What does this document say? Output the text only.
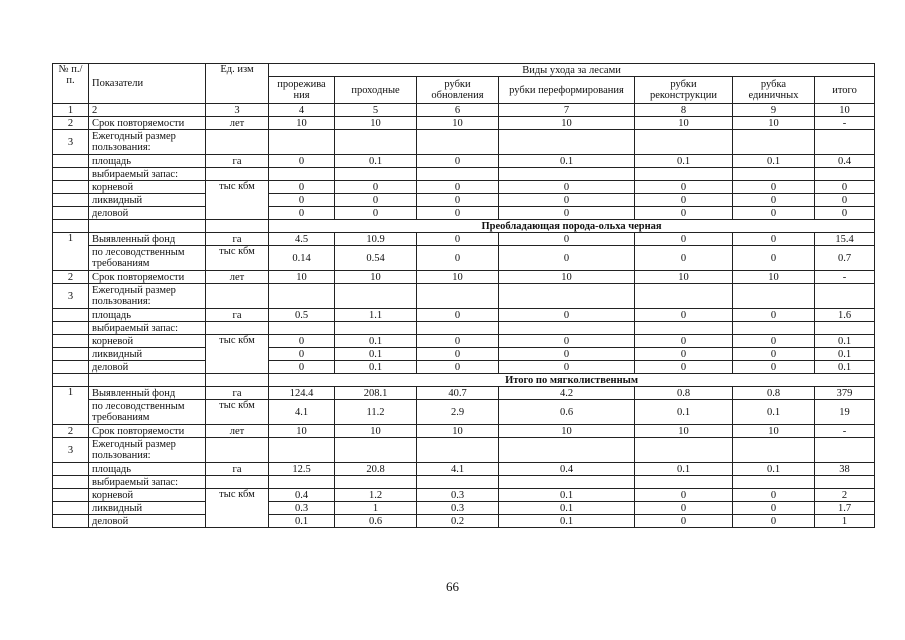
№ п./п.	Показатели	Ед. изм	Виды ухода за лесами						
			прорежива ния	проходные	рубки обновления	рубки переформирования	рубки реконструкции	рубка единичных	итого
1	2	3	4	5	6	7	8	9	10
2	Срок повторяемости	лет	10	10	10	10	10	10	-
3	Ежегодный размер пользования:								
	площадь	га	0	0.1	0	0.1	0.1	0.1	0.4
	выбираемый запас:								
	корневой	тыс кбм	0	0	0	0	0	0	0
	ликвидный		0	0	0	0	0	0	0
	деловой		0	0	0	0	0	0	0
			Преобладающая порода-ольха черная						
1	Выявленный фонд	га	4.5	10.9	0	0	0	0	15.4
	по лесоводственным требованиям	тыс кбм	0.14	0.54	0	0	0	0	0.7
2	Срок повторяемости	лет	10	10	10	10	10	10	-
3	Ежегодный размер пользования:								
	площадь	га	0.5	1.1	0	0	0	0	1.6
	выбираемый запас:								
	корневой	тыс кбм	0	0.1	0	0	0	0	0.1
	ликвидный		0	0.1	0	0	0	0	0.1
	деловой		0	0.1	0	0	0	0	0.1
			Итого по мягколиственным						
1	Выявленный фонд	га	124.4	208.1	40.7	4.2	0.8	0.8	379
	по лесоводственным требованиям	тыс кбм	4.1	11.2	2.9	0.6	0.1	0.1	19
2	Срок повторяемости	лет	10	10	10	10	10	10	-
3	Ежегодный размер пользования:								
	площадь	га	12.5	20.8	4.1	0.4	0.1	0.1	38
	выбираемый запас:								
	корневой	тыс кбм	0.4	1.2	0.3	0.1	0	0	2
	ликвидный		0.3	1	0.3	0.1	0	0	1.7
	деловой		0.1	0.6	0.2	0.1	0	0	1
66
